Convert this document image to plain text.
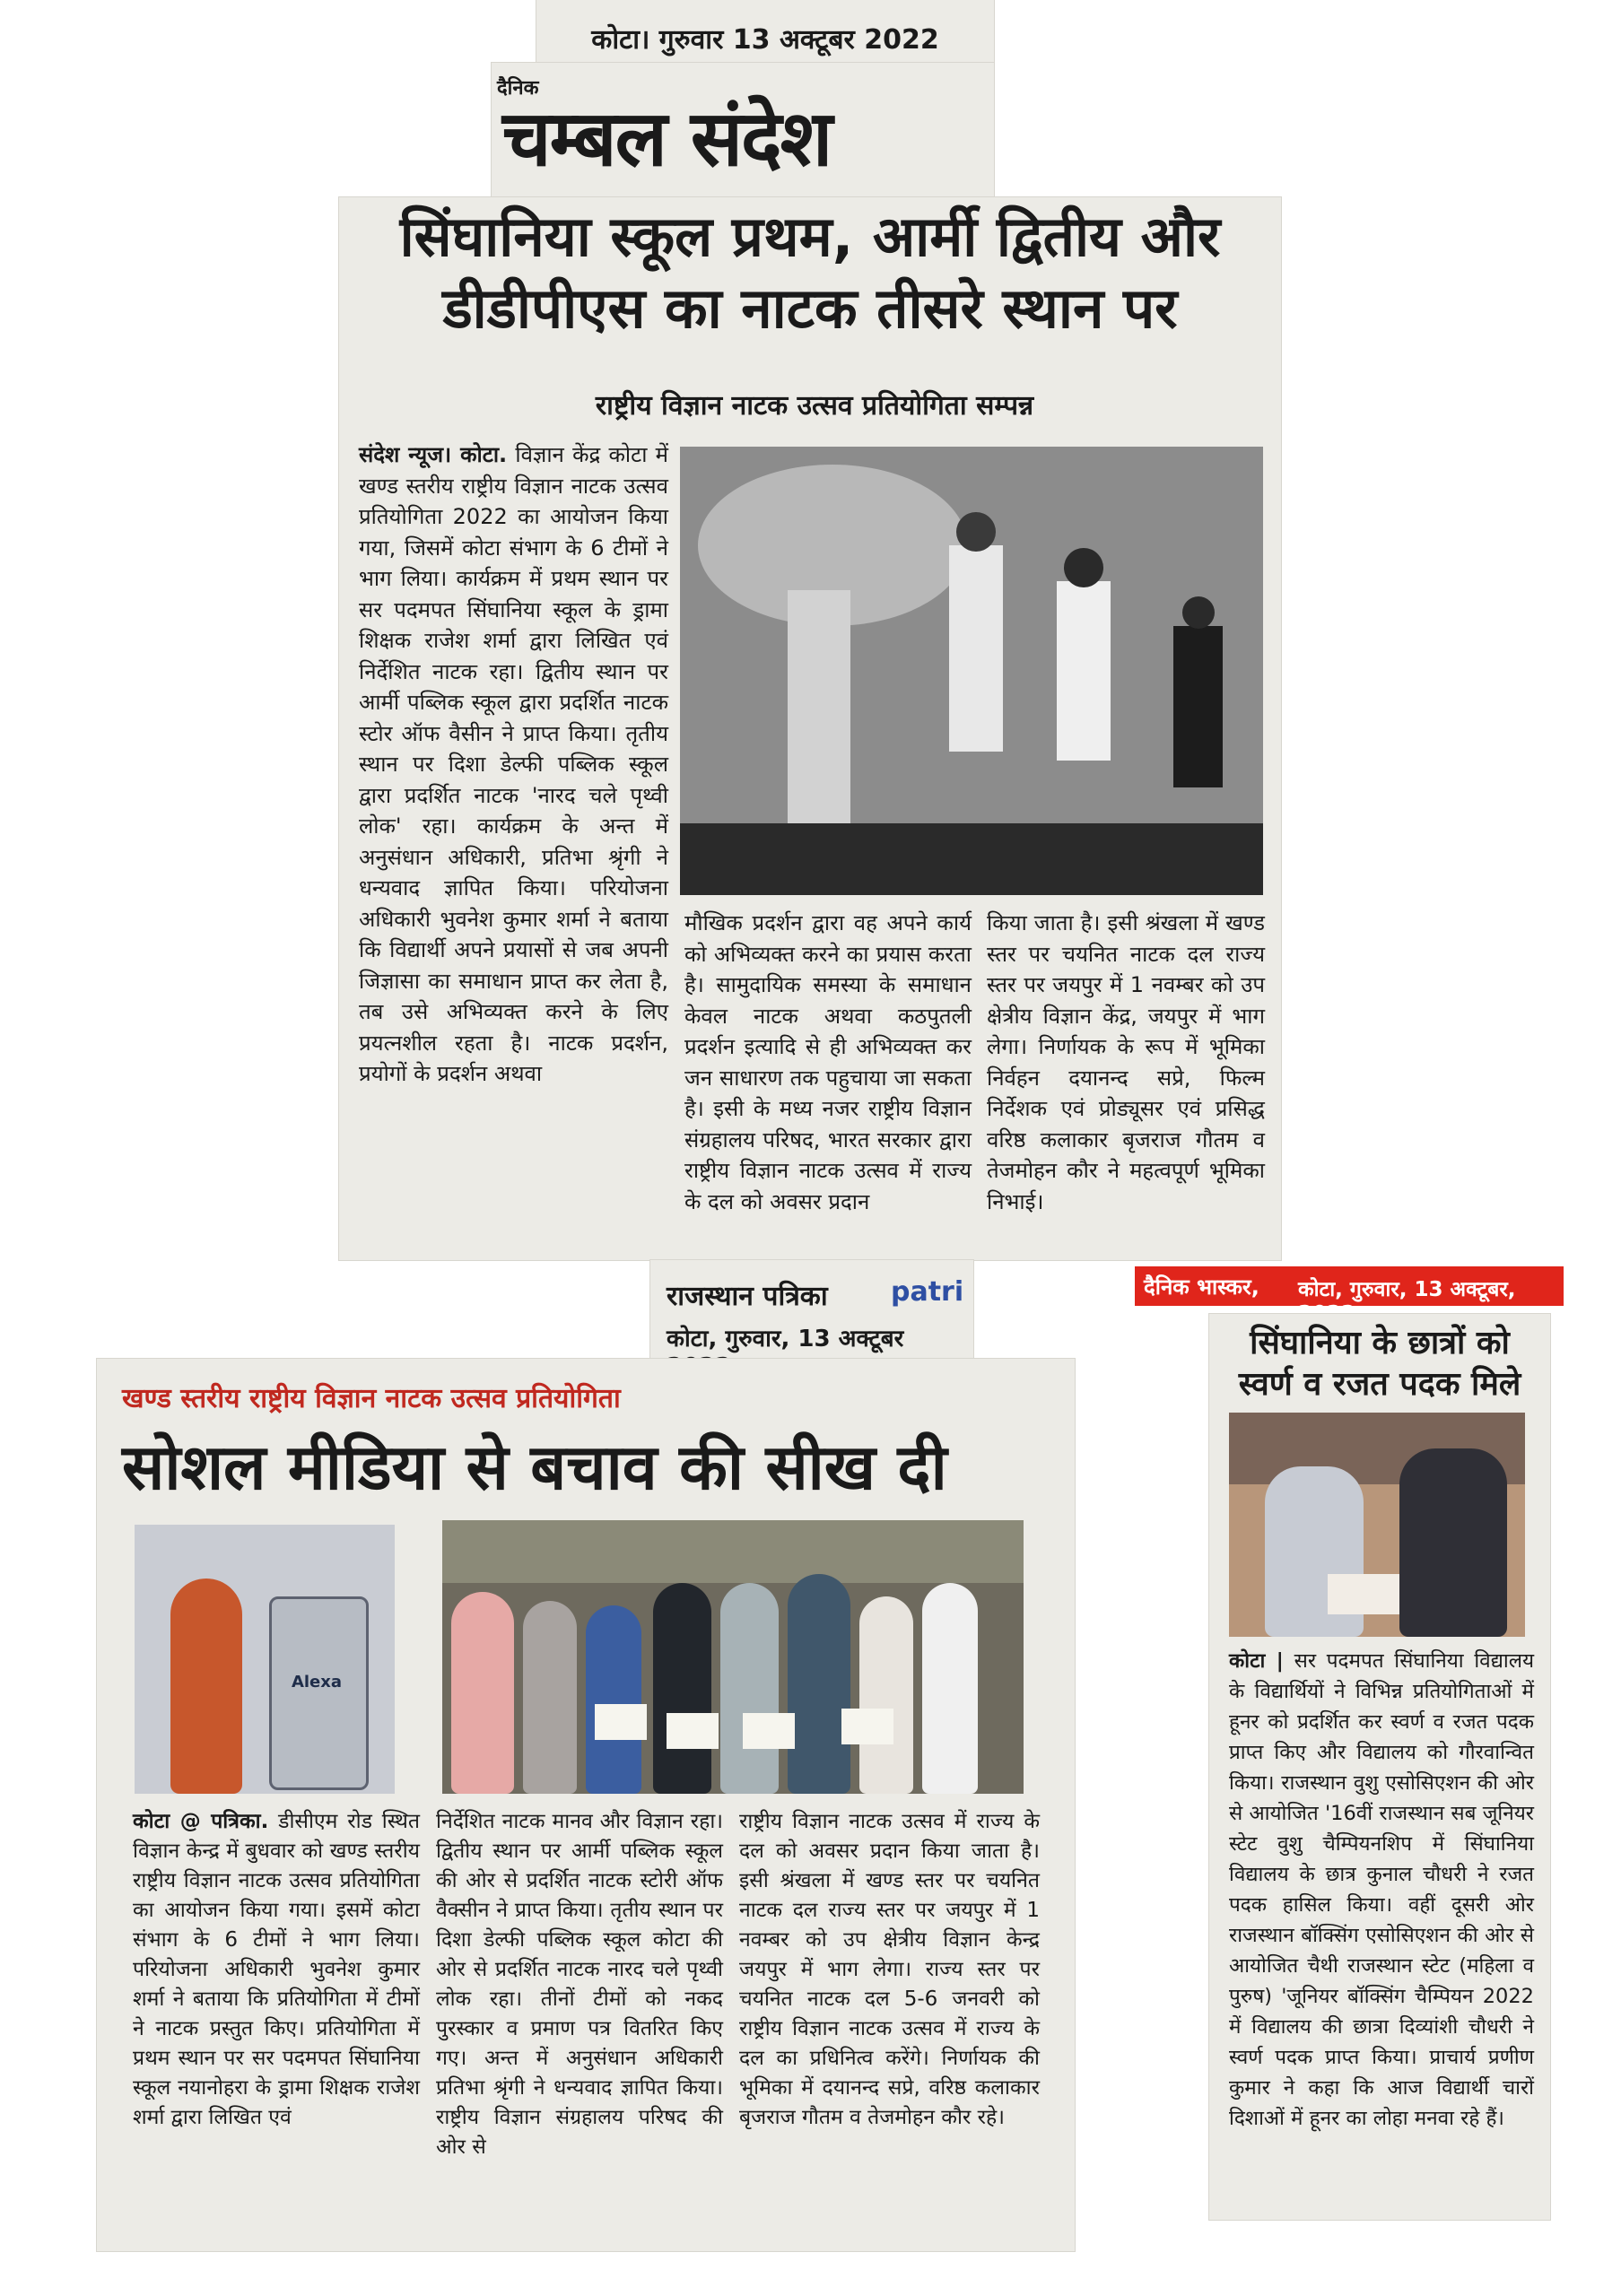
कोटा। गुरुवार 13 अक्टूबर 2022
दैनिक
चम्बल संदेश
सिंघानिया स्कूल प्रथम, आर्मी द्वितीय और
डीडीपीएस का नाटक तीसरे स्थान पर
राष्ट्रीय विज्ञान नाटक उत्सव प्रतियोगिता सम्पन्न
संदेश न्यूज। कोटा. विज्ञान केंद्र कोटा में खण्ड स्तरीय राष्ट्रीय विज्ञान नाटक उत्सव प्रतियोगिता 2022 का आयोजन किया गया, जिसमें कोटा संभाग के 6 टीमों ने भाग लिया। कार्यक्रम में प्रथम स्थान पर सर पदमपत सिंघानिया स्कूल के ड्रामा शिक्षक राजेश शर्मा द्वारा लिखित एवं निर्देशित नाटक रहा। द्वितीय स्थान पर आर्मी पब्लिक स्कूल द्वारा प्रदर्शित नाटक स्टोर ऑफ वैसीन ने प्राप्त किया। तृतीय स्थान पर दिशा डेल्फी पब्लिक स्कूल द्वारा प्रदर्शित नाटक 'नारद चले पृथ्वी लोक' रहा। कार्यक्रम के अन्त में अनुसंधान अधिकारी, प्रतिभा श्रृंगी ने धन्यवाद ज्ञापित किया। परियोजना अधिकारी भुवनेश कुमार शर्मा ने बताया कि विद्यार्थी अपने प्रयासों से जब अपनी जिज्ञासा का समाधान प्राप्त कर लेता है, तब उसे अभिव्यक्त करने के लिए प्रयत्नशील रहता है। नाटक प्रदर्शन, प्रयोगों के प्रदर्शन अथवा
मौखिक प्रदर्शन द्वारा वह अपने कार्य को अभिव्यक्त करने का प्रयास करता है। सामुदायिक समस्या के समाधान केवल नाटक अथवा कठपुतली प्रदर्शन इत्यादि से ही अभिव्यक्त कर जन साधारण तक पहुचाया जा सकता है। इसी के मध्य नजर राष्ट्रीय विज्ञान संग्रहालय परिषद, भारत सरकार द्वारा राष्ट्रीय विज्ञान नाटक उत्सव में राज्य के दल को अवसर प्रदान
किया जाता है। इसी श्रंखला में खण्ड स्तर पर चयनित नाटक दल राज्य स्तर पर जयपुर में 1 नवम्बर को उप क्षेत्रीय विज्ञान केंद्र, जयपुर में भाग लेगा। निर्णायक के रूप में भूमिका निर्वहन दयानन्द सप्रे, फिल्म निर्देशक एवं प्रोड्यूसर एवं प्रसिद्ध वरिष्ठ कलाकार बृजराज गौतम व तेजमोहन कौर ने महत्वपूर्ण भूमिका निभाई।
राजस्थान पत्रिका patri
कोटा, गुरुवार, 13 अक्टूबर
खण्ड स्तरीय राष्ट्रीय विज्ञान नाटक उत्सव प्रतियोगिता
सोशल मीडिया से बचाव की सीख दी
Alexa
कोटा @ पत्रिका. डीसीएम रोड स्थित विज्ञान केन्द्र में बुधवार को खण्ड स्तरीय राष्ट्रीय विज्ञान नाटक उत्सव प्रतियोगिता का आयोजन किया गया। इसमें कोटा संभाग के 6 टीमों ने भाग लिया। परियोजना अधिकारी भुवनेश कुमार शर्मा ने बताया कि प्रतियोगिता में टीमों ने नाटक प्रस्तुत किए। प्रतियोगिता में प्रथम स्थान पर सर पदमपत सिंघानिया स्कूल नयानोहरा के ड्रामा शिक्षक राजेश शर्मा द्वारा लिखित एवं
निर्देशित नाटक मानव और विज्ञान रहा। द्वितीय स्थान पर आर्मी पब्लिक स्कूल की ओर से प्रदर्शित नाटक स्टोरी ऑफ वैक्सीन ने प्राप्त किया। तृतीय स्थान पर दिशा डेल्फी पब्लिक स्कूल कोटा की ओर से प्रदर्शित नाटक नारद चले पृथ्वी लोक रहा। तीनों टीमों को नकद पुरस्कार व प्रमाण पत्र वितरित किए गए। अन्त में अनुसंधान अधिकारी प्रतिभा श्रृंगी ने धन्यवाद ज्ञापित किया। राष्ट्रीय विज्ञान संग्रहालय परिषद की ओर से
राष्ट्रीय विज्ञान नाटक उत्सव में राज्य के दल को अवसर प्रदान किया जाता है। इसी श्रंखला में खण्ड स्तर पर चयनित नाटक दल राज्य स्तर पर जयपुर में 1 नवम्बर को उप क्षेत्रीय विज्ञान केन्द्र जयपुर में भाग लेगा। राज्य स्तर पर चयनित नाटक दल 5-6 जनवरी को राष्ट्रीय विज्ञान नाटक उत्सव में राज्य के दल का प्रधिनित्व करेंगे। निर्णायक की भूमिका में दयानन्द सप्रे, वरिष्ठ कलाकार बृजराज गौतम व तेजमोहन कौर रहे।
दैनिक भास्कर, कोटा, गुरुवार, 13 अक्टूबर,
सिंघानिया के छात्रों को
स्वर्ण व रजत पदक मिले
कोटा | सर पदमपत सिंघानिया विद्यालय के विद्यार्थियों ने विभिन्न प्रतियोगिताओं में हूनर को प्रदर्शित कर स्वर्ण व रजत पदक प्राप्त किए और विद्यालय को गौरवान्वित किया। राजस्थान वुशु एसोसिएशन की ओर से आयोजित '16वीं राजस्थान सब जूनियर स्टेट वुशु चैम्पियनशिप में सिंघानिया विद्यालय के छात्र कुनाल चौधरी ने रजत पदक हासिल किया। वहीं दूसरी ओर राजस्थान बॉक्सिंग एसोसिएशन की ओर से आयोजित चैथी राजस्थान स्टेट (महिला व पुरुष) 'जूनियर बॉक्सिंग चैम्पियन 2022 में विद्यालय की छात्रा दिव्यांशी चौधरी ने स्वर्ण पदक प्राप्त किया। प्राचार्य प्रणीण कुमार ने कहा कि आज विद्यार्थी चारों दिशाओं में हूनर का लोहा मनवा रहे हैं।
